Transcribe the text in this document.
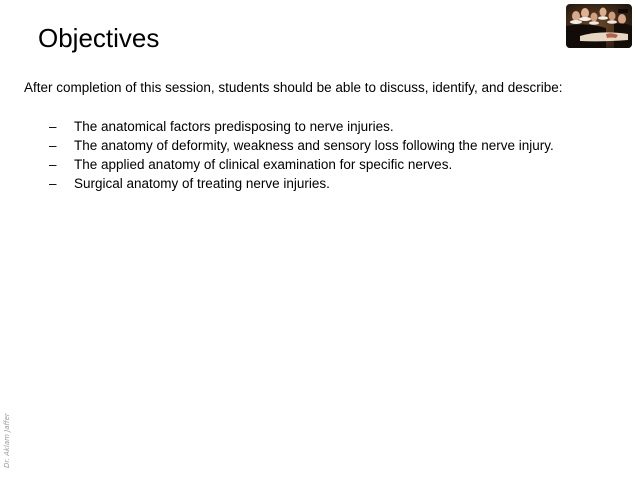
Objectives
After completion of this session, students should be able to discuss, identify, and describe:
– The anatomical factors predisposing to nerve injuries.
– The anatomy of deformity, weakness and sensory loss following the nerve injury.
– The applied anatomy of clinical examination for specific nerves.
– Surgical anatomy of treating nerve injuries.
Dr. Aklam Jaffer
